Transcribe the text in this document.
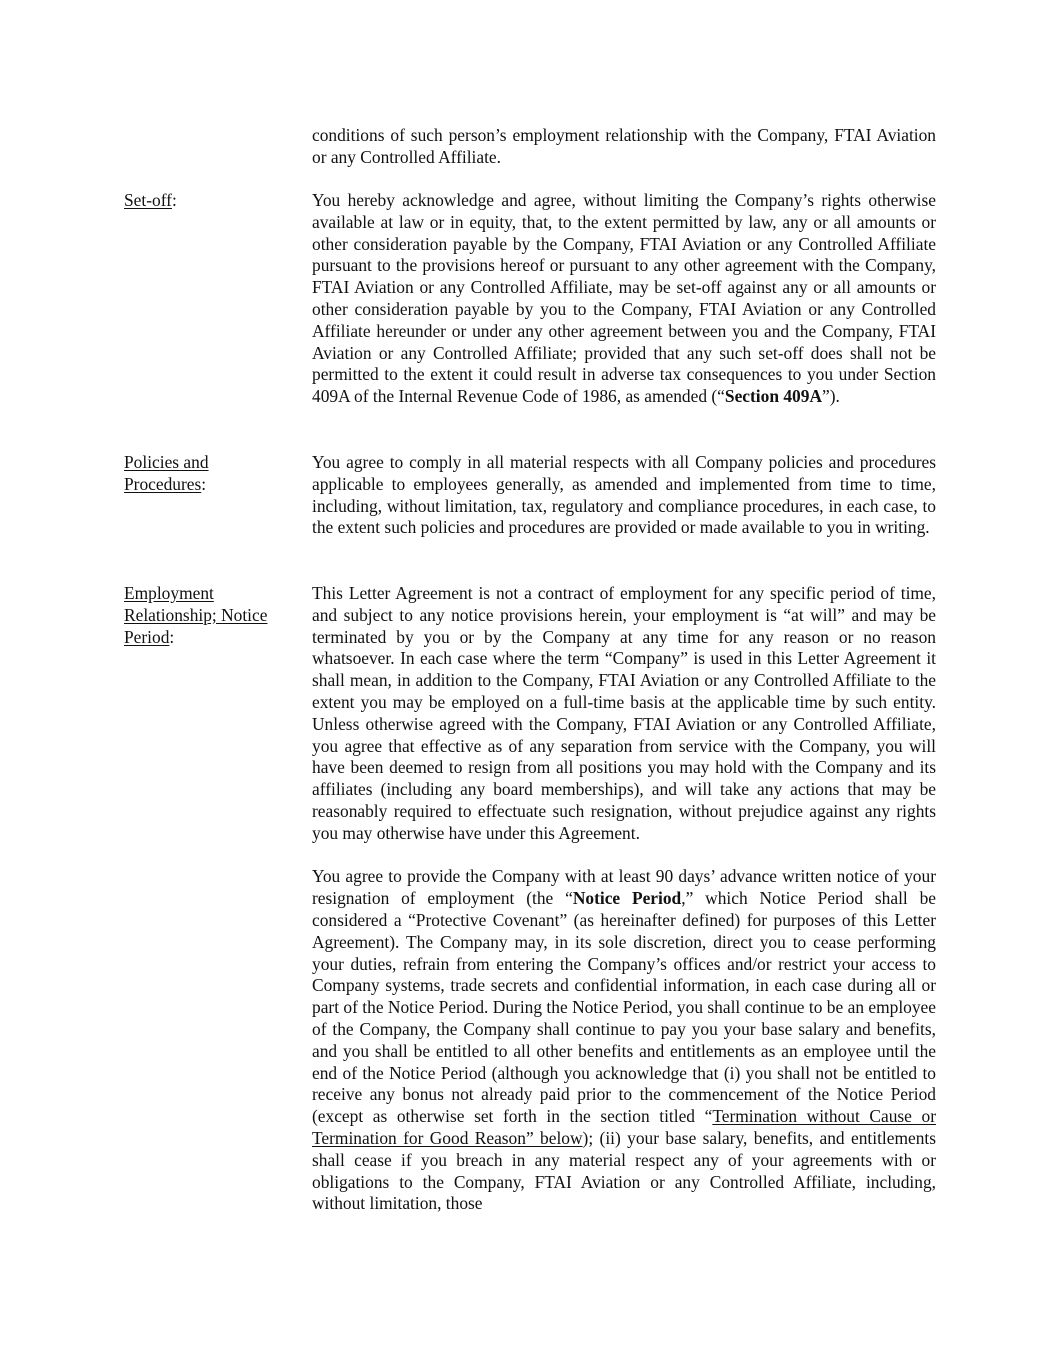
conditions of such person’s employment relationship with the Company, FTAI Aviation or any Controlled Affiliate.

Set-off:	You hereby acknowledge and agree, without limiting the Company’s rights otherwise available at law or in equity, that, to the extent permitted by law, any or all amounts or other consideration payable by the Company, FTAI Aviation or any Controlled Affiliate pursuant to the provisions hereof or pursuant to any other agreement with the Company, FTAI Aviation or any Controlled Affiliate, may be set-off against any or all amounts or other consideration payable by you to the Company, FTAI Aviation or any Controlled Affiliate hereunder or under any other agreement between you and the Company, FTAI Aviation or any Controlled Affiliate; provided that any such set-off does shall not be permitted to the extent it could result in adverse tax consequences to you under Section 409A of the Internal Revenue Code of 1986, as amended (“Section 409A”).

Policies and
Procedures:

You agree to comply in all material respects with all Company policies and procedures applicable to employees generally, as amended and implemented from time to time, including, without limitation, tax, regulatory and compliance procedures, in each case, to the extent such policies and procedures are provided or made available to you in writing.

Employment
Relationship; Notice
Period:

This Letter Agreement is not a contract of employment for any specific period of time, and subject to any notice provisions herein, your employment is “at will” and may be terminated by you or by the Company at any time for any reason or no reason whatsoever. In each case where the term “Company” is used in this Letter Agreement it shall mean, in addition to the Company, FTAI Aviation or any Controlled Affiliate to the extent you may be employed on a full-time basis at the applicable time by such entity. Unless otherwise agreed with the Company, FTAI Aviation or any Controlled Affiliate, you agree that effective as of any separation from service with the Company, you will have been deemed to resign from all positions you may hold with the Company and its affiliates (including any board memberships), and will take any actions that may be reasonably required to effectuate such resignation, without prejudice against any rights you may otherwise have under this Agreement.

You agree to provide the Company with at least 90 days’ advance written notice of your resignation of employment (the “Notice Period,” which Notice Period shall be considered a “Protective Covenant” (as hereinafter defined) for purposes of this Letter Agreement). The Company may, in its sole discretion, direct you to cease performing your duties, refrain from entering the Company’s offices and/or restrict your access to Company systems, trade secrets and confidential information, in each case during all or part of the Notice Period. During the Notice Period, you shall continue to be an employee of the Company, the Company shall continue to pay you your base salary and benefits, and you shall be entitled to all other benefits and entitlements as an employee until the end of the Notice Period (although you acknowledge that (i) you shall not be entitled to receive any bonus not already paid prior to the commencement of the Notice Period (except as otherwise set forth in the section titled “Termination without Cause or Termination for Good Reason” below); (ii) your base salary, benefits, and entitlements shall cease if you breach in any material respect any of your agreements with or obligations to the Company, FTAI Aviation or any Controlled Affiliate, including, without limitation, those
